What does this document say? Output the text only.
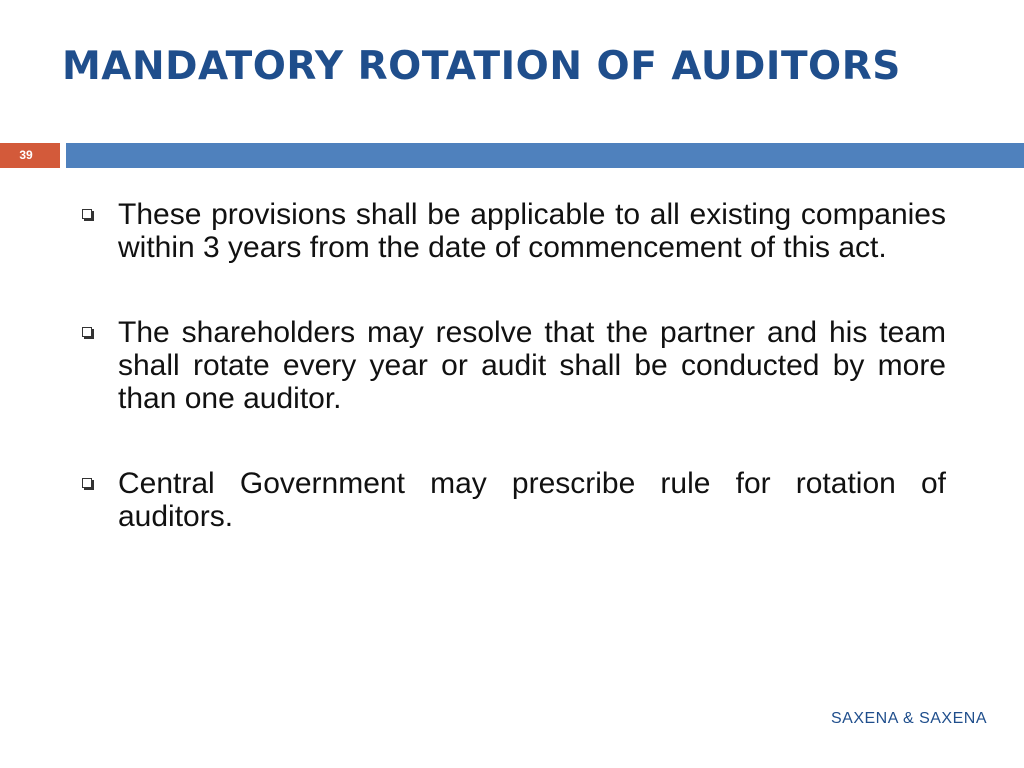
MANDATORY ROTATION OF AUDITORS
39
These provisions shall be applicable to all existing companies within 3 years from the date of commencement of this act.
The shareholders may resolve that the partner and his team shall rotate every year or audit shall be conducted by more than one auditor.
Central Government may prescribe rule for rotation of auditors.
SAXENA & SAXENA
